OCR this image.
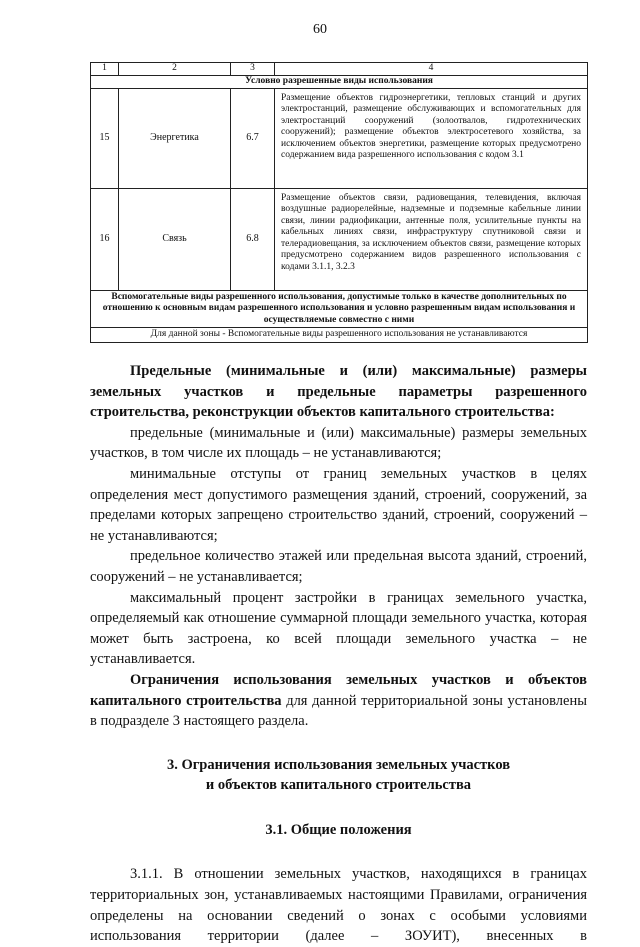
60
1	2	3	4
Условно разрешенные виды использования			
15	Энергетика	6.7	Размещение объектов гидроэнергетики, тепловых станций и других электростанций, размещение обслуживающих и вспомогательных для электростанций сооружений (золоотвалов, гидротехнических сооружений); размещение объектов электросетевого хозяйства, за исключением объектов энергетики, размещение которых предусмотрено содержанием вида разрешенного использования с кодом 3.1
16	Связь	6.8	Размещение объектов связи, радиовещания, телевидения, включая воздушные радиорелейные, надземные и подземные кабельные линии связи, линии радиофикации, антенные поля, усилительные пункты на кабельных линиях связи, инфраструктуру спутниковой связи и телерадиовещания, за исключением объектов связи, размещение которых предусмотрено содержанием видов разрешенного использования с кодами 3.1.1, 3.2.3
Вспомогательные виды разрешенного использования, допустимые только в качестве дополнительных по отношению к основным видам разрешенного использования и условно разрешенным видам использования и осуществляемые совместно с ними			
Для данной зоны - Вспомогательные виды разрешенного использования не устанавливаются			

Предельные (минимальные и (или) максимальные) размеры земельных участков и предельные параметры разрешенного строительства, реконструкции объектов капитального строительства:

предельные (минимальные и (или) максимальные) размеры земельных участков, в том числе их площадь – не устанавливаются;

минимальные отступы от границ земельных участков в целях определения мест допустимого размещения зданий, строений, сооружений, за пределами которых запрещено строительство зданий, строений, сооружений – не устанавливаются;

предельное количество этажей или предельная высота зданий, строений, сооружений – не устанавливается;

максимальный процент застройки в границах земельного участка, определяемый как отношение суммарной площади земельного участка, которая может быть застроена, ко всей площади земельного участка – не устанавливается.

Ограничения использования земельных участков и объектов капитального строительства для данной территориальной зоны установлены в подразделе 3 настоящего раздела.

3. Ограничения использования земельных участков
и объектов капитального строительства

3.1. Общие положения

3.1.1. В отношении земельных участков, находящихся в границах территориальных зон, устанавливаемых настоящими Правилами, ограничения определены на основании сведений о зонах с особыми условиями использования территории (далее – ЗОУИТ), внесенных в
